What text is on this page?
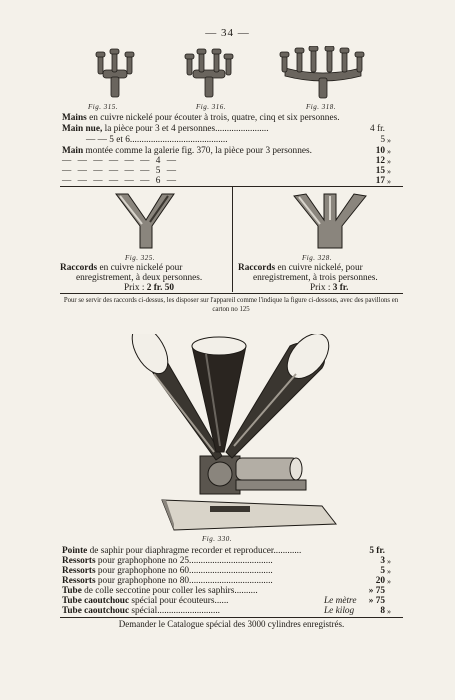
— 34 —
Fig. 315.	Fig. 316.	Fig. 318.
Mains en cuivre nickelé pour écouter à trois, quatre, cinq et six personnes.
Main nue, la pièce pour 3 et 4 personnes.......................	4 fr.
— — 5 et 6..........................................	5 »
Main montée comme la galerie fig. 370, la pièce pour 3 personnes.	10 »
— — — — — — 4 —	12 »
— — — — — — 5 —	15 »
— — — — — — 6 —	17 »
Fig. 325.	Fig. 328.
Raccords en cuivre nickelé pour
enregistrement, à deux personnes.
Prix : 2 fr. 50
Raccords en cuivre nickelé, pour
enregistrement, à trois personnes.
Prix : 3 fr.
Pour se servir des raccords ci-dessus, les disposer sur l'appareil comme l'indique la figure ci-dessous, avec des pavillons en carton no 125
Fig. 330.
Pointe de saphir pour diaphragme recorder et reproducer............	5 fr.
Ressorts pour graphophone no 25....................................	3 »
Ressorts pour graphophone no 60....................................	5 »
Ressorts pour graphophone no 80....................................	20 »
Tube de colle seccotine pour coller les saphirs..........	» 75
Tube caoutchouc spécial pour écouteurs......	Le mètre » 75
Tube caoutchouc spécial...........................	Le kilog	8 »
Demander le Catalogue spécial des 3000 cylindres enregistrés.
